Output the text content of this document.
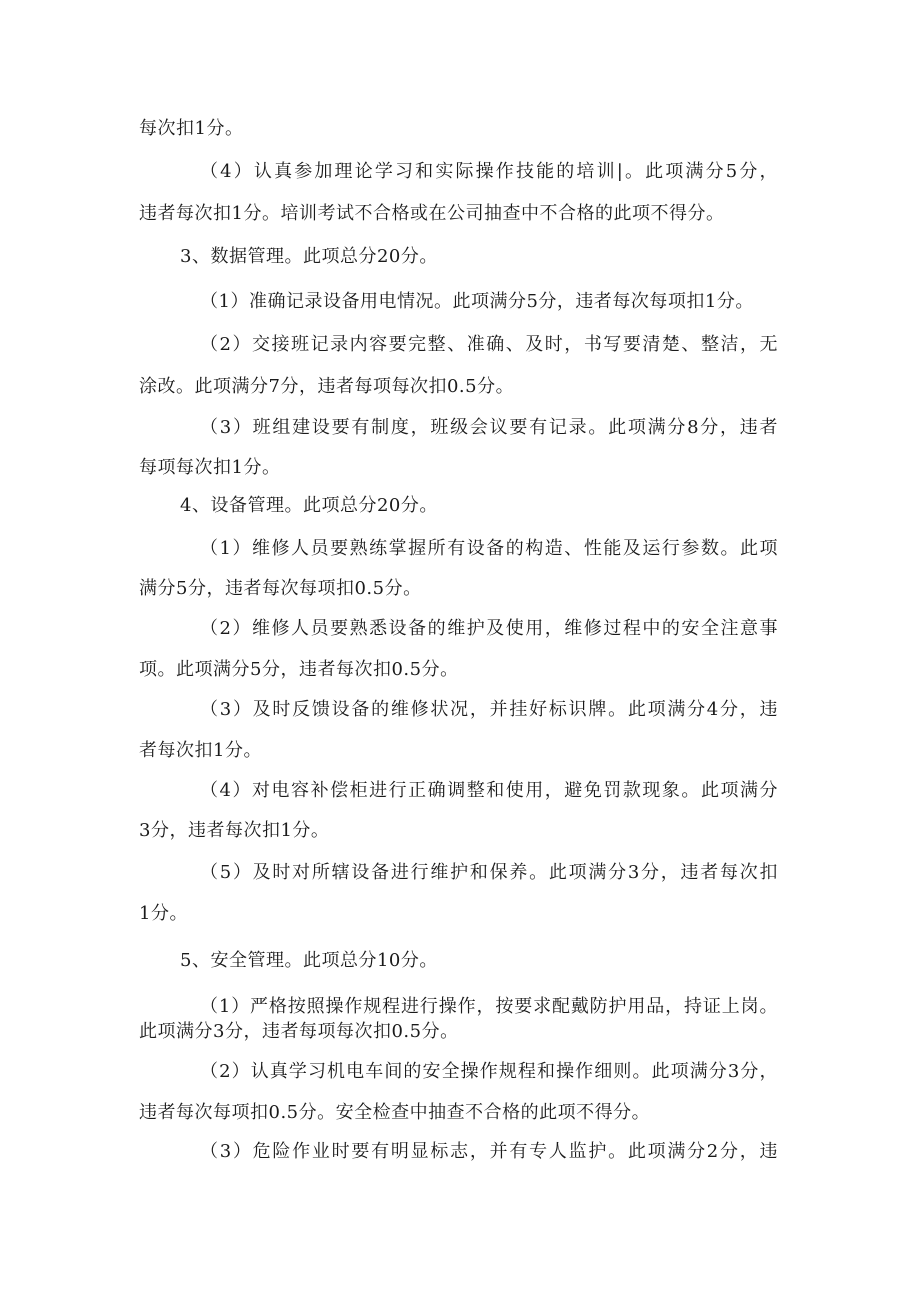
每次扣1分。
（4）认真参加理论学习和实际操作技能的培训|。此项满分5分，
违者每次扣1分。培训考试不合格或在公司抽查中不合格的此项不得分。
3、数据管理。此项总分20分。
（1）准确记录设备用电情况。此项满分5分，违者每次每项扣1分。
（2）交接班记录内容要完整、准确、及时，书写要清楚、整洁，无
涂改。此项满分7分，违者每项每次扣0.5分。
（3）班组建设要有制度，班级会议要有记录。此项满分8分，违者
每项每次扣1分。
4、设备管理。此项总分20分。
（1）维修人员要熟练掌握所有设备的构造、性能及运行参数。此项
满分5分，违者每次每项扣0.5分。
（2）维修人员要熟悉设备的维护及使用，维修过程中的安全注意事
项。此项满分5分，违者每次扣0.5分。
（3）及时反馈设备的维修状况，并挂好标识牌。此项满分4分，违
者每次扣1分。
（4）对电容补偿柜进行正确调整和使用，避免罚款现象。此项满分
3分，违者每次扣1分。
（5）及时对所辖设备进行维护和保养。此项满分3分，违者每次扣
1分。
5、安全管理。此项总分10分。
（1）严格按照操作规程进行操作，按要求配戴防护用品，持证上岗。
此项满分3分，违者每项每次扣0.5分。
（2）认真学习机电车间的安全操作规程和操作细则。此项满分3分，
违者每次每项扣0.5分。安全检查中抽查不合格的此项不得分。
（3）危险作业时要有明显标志，并有专人监护。此项满分2分，违
